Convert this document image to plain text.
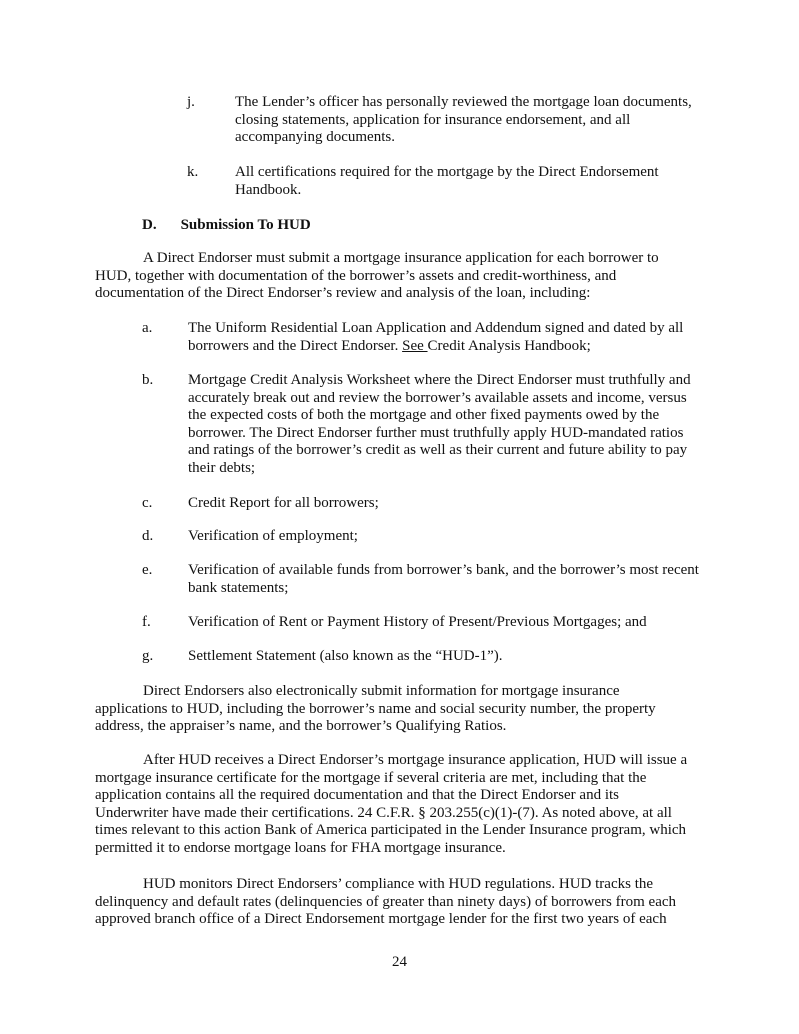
j.	The Lender’s officer has personally reviewed the mortgage loan documents, closing statements, application for insurance endorsement, and all accompanying documents.
k. All certifications required for the mortgage by the Direct Endorsement Handbook.
D. Submission To HUD
A Direct Endorser must submit a mortgage insurance application for each borrower to HUD, together with documentation of the borrower’s assets and credit-worthiness, and documentation of the Direct Endorser’s review and analysis of the loan, including:
a. The Uniform Residential Loan Application and Addendum signed and dated by all borrowers and the Direct Endorser. See Credit Analysis Handbook;
b. Mortgage Credit Analysis Worksheet where the Direct Endorser must truthfully and accurately break out and review the borrower’s available assets and income, versus the expected costs of both the mortgage and other fixed payments owed by the borrower. The Direct Endorser further must truthfully apply HUD-mandated ratios and ratings of the borrower’s credit as well as their current and future ability to pay their debts;
c. Credit Report for all borrowers;
d. Verification of employment;
e. Verification of available funds from borrower’s bank, and the borrower’s most recent bank statements;
f. Verification of Rent or Payment History of Present/Previous Mortgages; and
g. Settlement Statement (also known as the “HUD-1”).
Direct Endorsers also electronically submit information for mortgage insurance applications to HUD, including the borrower’s name and social security number, the property address, the appraiser’s name, and the borrower’s Qualifying Ratios.
After HUD receives a Direct Endorser’s mortgage insurance application, HUD will issue a mortgage insurance certificate for the mortgage if several criteria are met, including that the application contains all the required documentation and that the Direct Endorser and its Underwriter have made their certifications. 24 C.F.R. § 203.255(c)(1)-(7). As noted above, at all times relevant to this action Bank of America participated in the Lender Insurance program, which permitted it to endorse mortgage loans for FHA mortgage insurance.
HUD monitors Direct Endorsers’ compliance with HUD regulations. HUD tracks the delinquency and default rates (delinquencies of greater than ninety days) of borrowers from each approved branch office of a Direct Endorsement mortgage lender for the first two years of each
24
